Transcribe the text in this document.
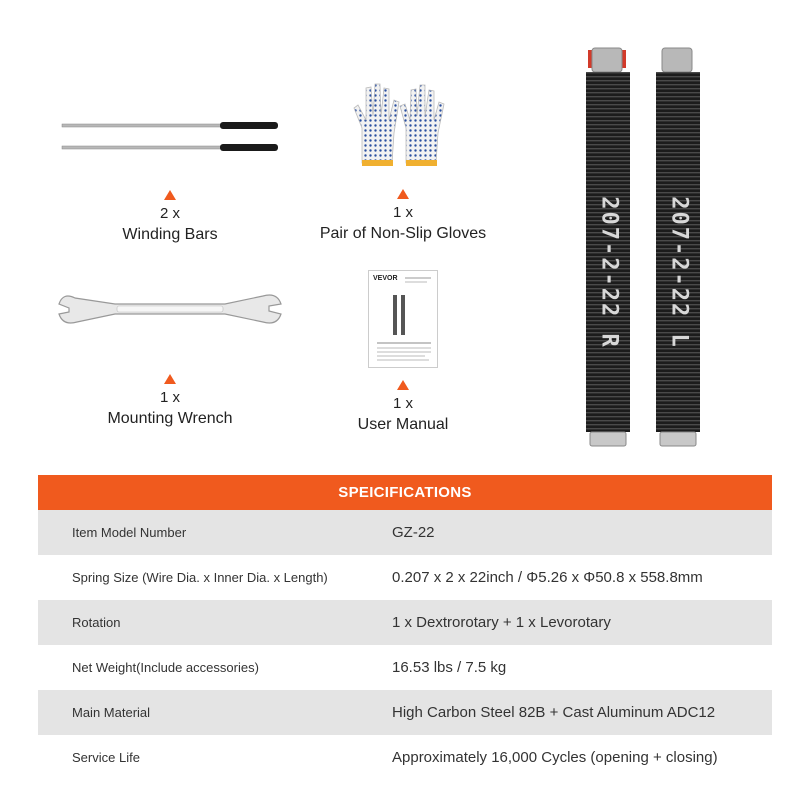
2 x
Winding Bars
1 x
Pair of Non-Slip Gloves
1 x
Mounting Wrench
VEVOR
1 x
User Manual
207-2-22 R 207-2-22 L
SPEICIFICATIONS
Item Model Number	GZ-22
Spring Size (Wire Dia. x Inner Dia. x Length)	0.207 x 2 x 22inch / Φ5.26 x Φ50.8 x 558.8mm
Rotation	1 x Dextrorotary + 1 x Levorotary
Net Weight(Include accessories)	16.53 lbs / 7.5 kg
Main Material	High Carbon Steel 82B + Cast Aluminum ADC12
Service Life	Approximately 16,000 Cycles (opening + closing)
